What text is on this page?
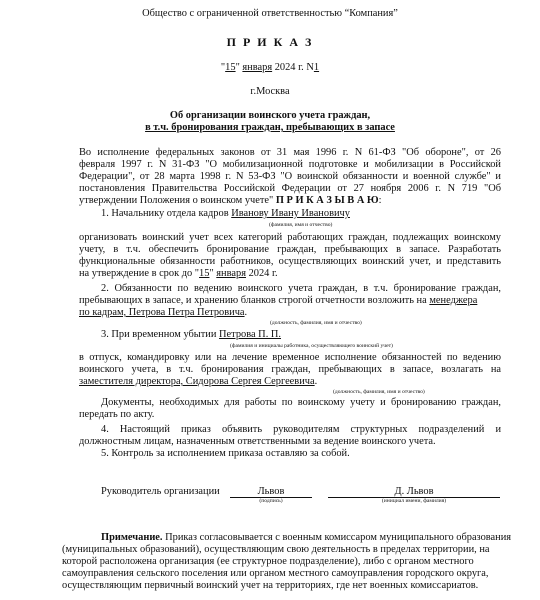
Общество с ограниченной ответственностью “Компания”
П Р И К А З
"15" января 2024 г. N1
г.Москва
Об организации воинского учета граждан,
в т.ч. бронирования граждан, пребывающих в запасе
Во исполнение федеральных законов от 31 мая 1996 г. N 61-ФЗ "Об обороне", от 26
февраля 1997 г. N 31-ФЗ "О мобилизационной подготовке и мобилизации в Российской
Федерации", от 28 марта 1998 г. N 53-ФЗ "О воинской обязанности и военной службе" и
постановления Правительства Российской Федерации от 27 ноября 2006 г. N 719 "Об
утверждении Положения о воинском учете" П Р И К А З Ы В А Ю:
1. Начальнику отдела кадров Иванову Ивану Ивановичу
(фамилия, имя и отчество)
организовать воинский учет всех категорий работающих граждан, подлежащих воинскому
учету, в т.ч. обеспечить бронирование граждан, пребывающих в запасе. Разработать
функциональные обязанности работников, осуществляющих воинский учет, и представить
на утверждение в срок до "15" января 2024 г.
2. Обязанности по ведению воинского учета граждан, в т.ч. бронирование граждан,
пребывающих в запасе, и хранению бланков строгой отчетности возложить на менеджера
по кадрам, Петрова Петра Петровича.
(должность, фамилия, имя и отчество)
3. При временном убытии Петрова П. П.
(фамилия и инициалы работника, осуществляющего воинский учет)
в отпуск, командировку или на лечение временное исполнение обязанностей по ведению
воинского учета, в т.ч. бронирования граждан, пребывающих в запасе, возлагать на
заместителя директора, Сидорова Сергея Сергеевича.
(должность, фамилия, имя и отчество)
Документы, необходимых для работы по воинскому учету и бронированию граждан,
передать по акту.
4. Настоящий приказ объявить руководителям структурных подразделений и
должностным лицам, назначенным ответственными за ведение воинского учета.
5. Контроль за исполнением приказа оставляю за собой.
Руководитель организации	Львов
(подпись)
Д. Львов
(инициал имени, фамилия)
Примечание. Приказ согласовывается с военным комиссаром муниципального образования
(муниципальных образований), осуществляющим свою деятельность в пределах территории, на
которой расположена организация (ее структурное подразделение), либо с органом местного
самоуправления сельского поселения или органом местного самоуправления городского округа,
осуществляющим первичный воинский учет на территориях, где нет военных комиссариатов.
